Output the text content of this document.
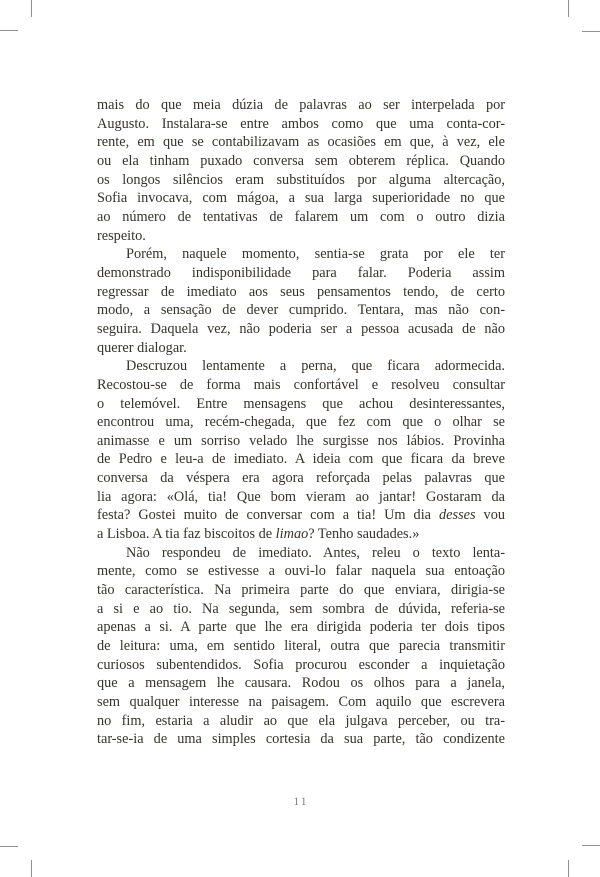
mais do que meia dúzia de palavras ao ser interpelada por
Augusto. Instalara-se entre ambos como que uma conta-cor-
rente, em que se contabilizavam as ocasiões em que, à vez, ele
ou ela tinham puxado conversa sem obterem réplica. Quando
os longos silêncios eram substituídos por alguma altercação,
Sofia invocava, com mágoa, a sua larga superioridade no que
ao número de tentativas de falarem um com o outro dizia
respeito.
Porém, naquele momento, sentia-se grata por ele ter
demonstrado indisponibilidade para falar. Poderia assim
regressar de imediato aos seus pensamentos tendo, de certo
modo, a sensação de dever cumprido. Tentara, mas não con-
seguira. Daquela vez, não poderia ser a pessoa acusada de não
querer dialogar.
Descruzou lentamente a perna, que ficara adormecida.
Recostou-se de forma mais confortável e resolveu consultar
o telemóvel. Entre mensagens que achou desinteressantes,
encontrou uma, recém-chegada, que fez com que o olhar se
animasse e um sorriso velado lhe surgisse nos lábios. Provinha
de Pedro e leu-a de imediato. A ideia com que ficara da breve
conversa da véspera era agora reforçada pelas palavras que
lia agora: «Olá, tia! Que bom vieram ao jantar! Gostaram da
festa? Gostei muito de conversar com a tia! Um dia desses vou
a Lisboa. A tia faz biscoitos de limao? Tenho saudades.»
Não respondeu de imediato. Antes, releu o texto lenta-
mente, como se estivesse a ouvi-lo falar naquela sua entoação
tão característica. Na primeira parte do que enviara, dirigia-se
a si e ao tio. Na segunda, sem sombra de dúvida, referia-se
apenas a si. A parte que lhe era dirigida poderia ter dois tipos
de leitura: uma, em sentido literal, outra que parecia transmitir
curiosos subentendidos. Sofia procurou esconder a inquietação
que a mensagem lhe causara. Rodou os olhos para a janela,
sem qualquer interesse na paisagem. Com aquilo que escrevera
no fim, estaria a aludir ao que ela julgava perceber, ou tra-
tar-se-ia de uma simples cortesia da sua parte, tão condizente
11
